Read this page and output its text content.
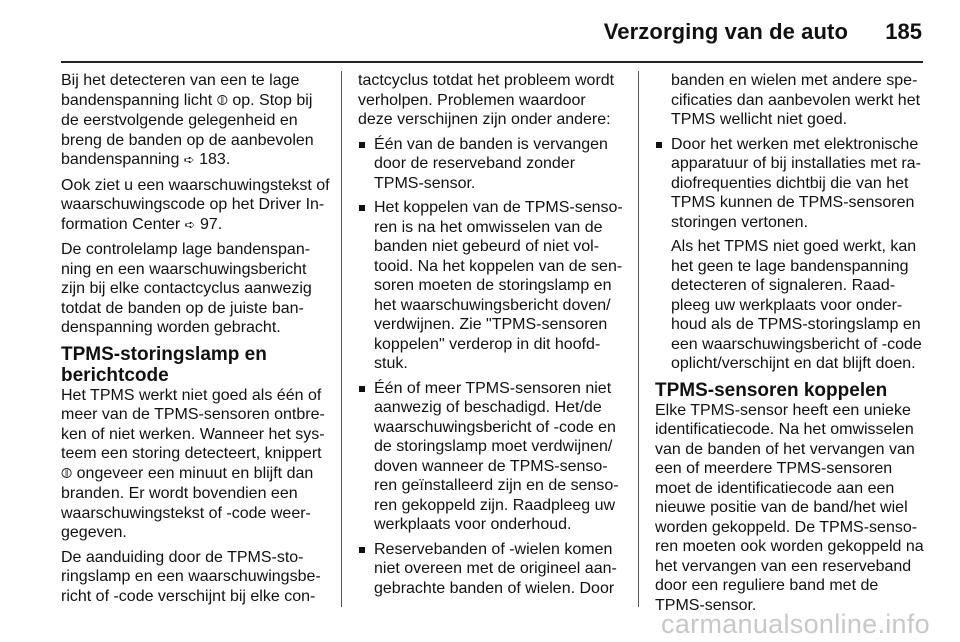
Verzorging van de auto 185
Bij het detecteren van een te lage
bandenspanning licht ⦷ op. Stop bij
de eerstvolgende gelegenheid en
breng de banden op de aanbevolen
bandenspanning ➪ 183.
Ook ziet u een waarschuwingstekst of
waarschuwingscode op het Driver In-
formation Center ➪ 97.
De controlelamp lage bandenspan-
ning en een waarschuwingsbericht
zijn bij elke contactcyclus aanwezig
totdat de banden op de juiste ban-
denspanning worden gebracht.
TPMS-storingslamp en
berichtcode
Het TPMS werkt niet goed als één of
meer van de TPMS-sensoren ontbre-
ken of niet werken. Wanneer het sys-
teem een storing detecteert, knippert
⦷ ongeveer een minuut en blijft dan
branden. Er wordt bovendien een
waarschuwingstekst of -code weer-
gegeven.
De aanduiding door de TPMS-sto-
ringslamp en een waarschuwingsbe-
richt of -code verschijnt bij elke con-
tactcyclus totdat het probleem wordt
verholpen. Problemen waardoor
deze verschijnen zijn onder andere:
Één van de banden is vervangen
door de reserveband zonder
TPMS-sensor.
Het koppelen van de TPMS-senso-
ren is na het omwisselen van de
banden niet gebeurd of niet vol-
tooid. Na het koppelen van de sen-
soren moeten de storingslamp en
het waarschuwingsbericht doven/
verdwijnen. Zie "TPMS-sensoren
koppelen" verderop in dit hoofd-
stuk.
Één of meer TPMS-sensoren niet
aanwezig of beschadigd. Het/de
waarschuwingsbericht of -code en
de storingslamp moet verdwijnen/
doven wanneer de TPMS-senso-
ren geïnstalleerd zijn en de senso-
ren gekoppeld zijn. Raadpleeg uw
werkplaats voor onderhoud.
Reservebanden of -wielen komen
niet overeen met de origineel aan-
gebrachte banden of wielen. Door
banden en wielen met andere spe-
cificaties dan aanbevolen werkt het
TPMS wellicht niet goed.
Door het werken met elektronische
apparatuur of bij installaties met ra-
diofrequenties dichtbij die van het
TPMS kunnen de TPMS-sensoren
storingen vertonen.
Als het TPMS niet goed werkt, kan
het geen te lage bandenspanning
detecteren of signaleren. Raad-
pleeg uw werkplaats voor onder-
houd als de TPMS-storingslamp en
een waarschuwingsbericht of -code
oplicht/verschijnt en dat blijft doen.
TPMS-sensoren koppelen
Elke TPMS-sensor heeft een unieke
identificatiecode. Na het omwisselen
van de banden of het vervangen van
een of meerdere TPMS-sensoren
moet de identificatiecode aan een
nieuwe positie van de band/het wiel
worden gekoppeld. De TPMS-senso-
ren moeten ook worden gekoppeld na
het vervangen van een reserveband
door een reguliere band met de
TPMS-sensor.
carmanualsonline.info
